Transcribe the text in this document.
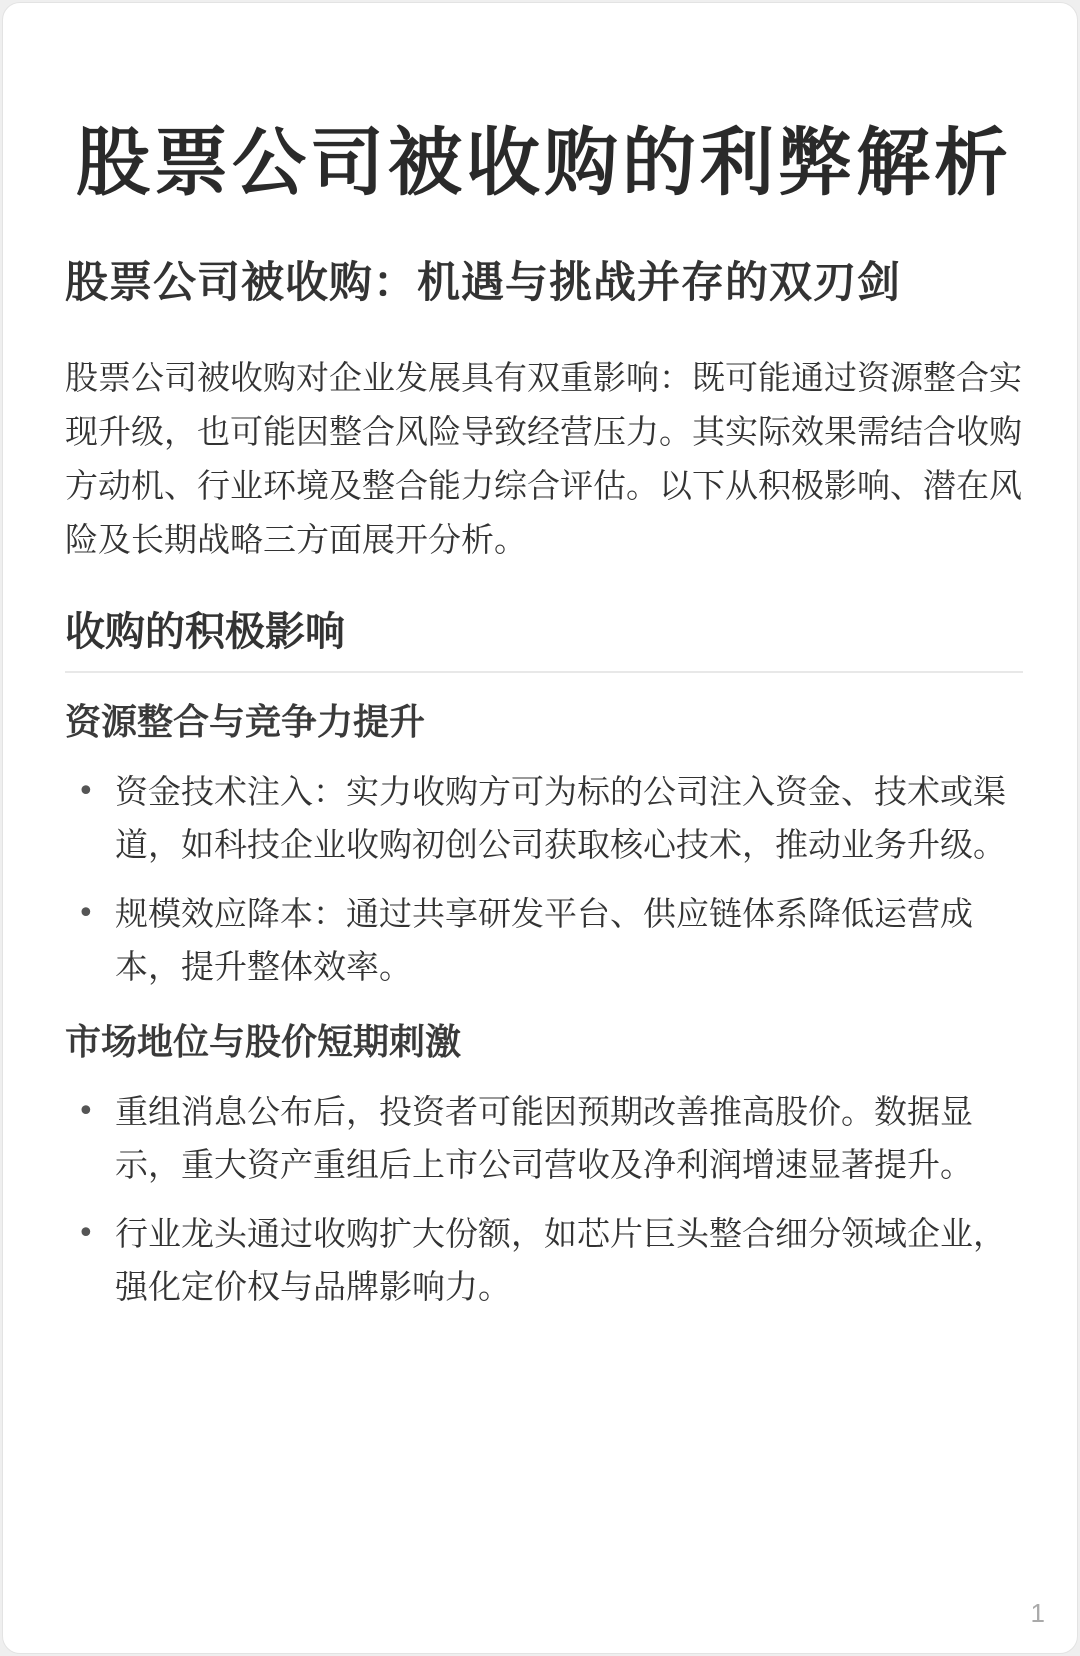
股票公司被收购的利弊解析
股票公司被收购：机遇与挑战并存的双刃剑

股票公司被收购对企业发展具有双重影响：既可能通过资源整合实现升级，也可能因整合风险导致经营压力。其实际效果需结合收购方动机、行业环境及整合能力综合评估。以下从积极影响、潜在风险及长期战略三方面展开分析。

收购的积极影响
资源整合与竞争力提升
• 资金技术注入：实力收购方可为标的公司注入资金、技术或渠道，如科技企业收购初创公司获取核心技术，推动业务升级。
• 规模效应降本：通过共享研发平台、供应链体系降低运营成本，提升整体效率。
市场地位与股价短期刺激
• 重组消息公布后，投资者可能因预期改善推高股价。数据显示，重大资产重组后上市公司营收及净利润增速显著提升。
• 行业龙头通过收购扩大份额，如芯片巨头整合细分领域企业，强化定价权与品牌影响力。
1
